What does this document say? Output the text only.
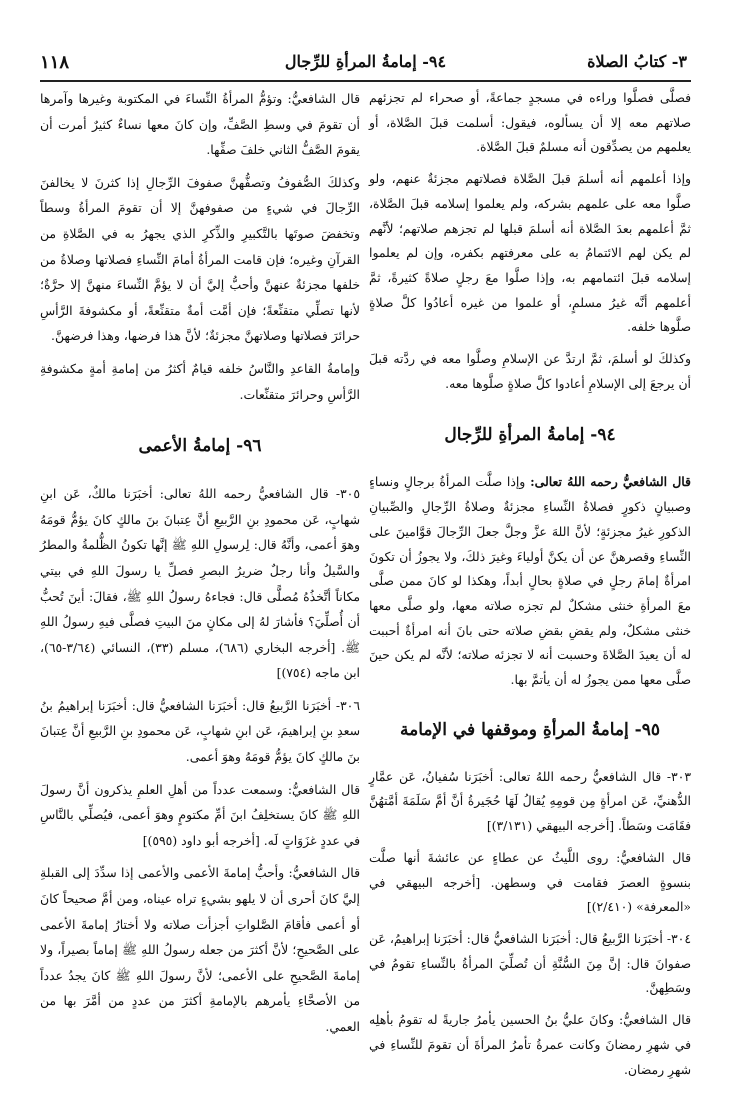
٣- كتابُ الصلاة
٩٤- إمامةُ المرأةِ للرِّجال
١١٨

فصلَّى فصلَّوا وراءه في مسجدٍ جماعةً، أو صحراء لم تجزئهم صلاتهم معه إلا أن يسألوه، فيقول: أسلمت قبلَ الصَّلاة، أو يعلمهم من يصدِّقون أنه مسلمٌ قبلَ الصَّلاة.

وإذا أعلمهم أنه أسلمَ قبلَ الصَّلاة فصلاتهم مجزئةٌ عنهم، ولو صلَّوا معه على علمهم بشركه، ولم يعلموا إسلامه قبلَ الصَّلاة، ثمَّ أعلمهم بعدَ الصَّلاة أنه أسلمَ قبلها لم تجزهم صلاتهم؛ لأنَّهم لم يكن لهم الائتمامُ به على معرفتهم بكفره، وإن لم يعلموا إسلامه قبلَ ائتمامهم به، وإذا صلَّوا معَ رجلٍ صلاةً كثيرةً، ثمَّ أعلمهم أنَّه غيرُ مسلمٍ، أو علموا من غيره أعادُوا كلَّ صلاةٍ صلَّوها خلفه.

وكذلكَ لو أسلمَ، ثمَّ ارتدَّ عن الإسلامِ وصلَّوا معه في ردَّته قبلَ أن يرجعَ إلى الإسلامِ أعادوا كلَّ صلاةٍ صلَّوها معه.

٩٤- إمامةُ المرأةِ للرِّجال

قال الشافعيُّ رحمه اللهُ تعالى: وإذا صلَّت المرأةُ برجالٍ ونساءٍ وصبيانٍ ذكورٍ فصلاةُ النِّساءِ مجزئةٌ وصلاةُ الرِّجالِ والصِّبيانِ الذكورِ غيرُ مجزئةٍ؛ لأنَّ اللهَ عزَّ وجلَّ جعلَ الرِّجالَ قوَّامينَ على النِّساءِ وقصرهنَّ عن أن يكنَّ أولياءَ وغيرَ ذلكَ، ولا يجوزُ أن تكونَ امرأةٌ إمامَ رجلٍ في صلاةٍ بحالٍ أبداً، وهكذا لو كانَ ممن صلَّى معَ المرأةِ خنثى مشكلٌ لم تجزه صلاته معها، ولو صلَّى معها خنثى مشكلٌ، ولم يقضِ بقضِ صلاته حتى بانَ أنه امرأةٌ أحببت له أن يعيدَ الصَّلاةَ وحسبت أنه لا تجزئه صلاته؛ لأنَّه لم يكن حينَ صلَّى معها ممن يجوزُ له أن يأتمَّ بها.

٩٥- إمامةُ المرأةِ وموقفها في الإمامة

٣٠٣- قال الشافعيُّ رحمه اللهُ تعالى: أخبَرَنا سُفيانُ، عَن عمَّارٍ الدُّهنيِّ، عَن امرأةٍ مِن قومِهِ يُقالُ لَهَا حُجَيرةُ أنَّ أمَّ سَلَمَةَ أمَّتهُنَّ فقَامَت وسَطاً. [أخرجه البيهقي (٣/١٣١)]

قال الشافعيُّ: روى اللَّيثُ عن عطاءٍ عن عائشةَ أنها صلَّت بنسوةٍ العصرَ فقامت في وسطهن. [أخرجه البيهقي في «المعرفة» (٢/٤١٠)]

٣٠٤- أخبَرَنا الرَّبيعُ قال: أخبَرَنا الشافعيُّ قال: أخبَرَنا إبراهيمُ، عَن صفوانَ قال: إنَّ مِنَ السُّنَّةِ أن تُصلِّيَ المرأةُ بالنِّساءِ تقومُ في وسَطِهنَّ.

قال الشافعيُّ: وكانَ عليُّ بنُ الحسين يأمرُ جاريةً له تقومُ بأهلِه في شهرِ رمضانَ وكانت عمرةُ تأمرُ المرأةَ أن تقومَ للنِّساءِ في شهرِ رمضان.

قال الشافعيُّ: وتؤمُّ المرأةُ النِّساءَ في المكتوبة وغيرها وآمرها أن تقومَ في وسطِ الصَّفِّ، وإن كانَ معها نساءٌ كثيرٌ أمرت أن يقومَ الصَّفُّ الثاني خلفَ صفِّها.

وكذلكَ الصُّفوفُ وتصفُّهنَّ صفوفَ الرِّجالِ إذا كثرنَ لا يخالفنَ الرِّجالَ في شيءٍ من صفوفهنَّ إلا أن تقومَ المرأةُ وسطاً وتخفضَ صوتَها بالتَّكبيرِ والذِّكرِ الذي يجهرُ به في الصَّلاةِ من القرآنِ وغيره؛ فإن قامت المرأةُ أمامَ النِّساءِ فصلاتها وصلاةُ من خلفها مجزئةٌ عنهنَّ وأحبُّ إليَّ أن لا يؤمَّ النِّساءَ منهنَّ إلا حرَّةٌ؛ لأنها تصلِّي متقنِّعةً؛ فإن أمَّت أمةٌ متقنِّعةً، أو مكشوفةَ الرَّأسِ حرائرَ فصلاتها وصلاتهنَّ مجزئةٌ؛ لأنَّ هذا فرضها، وهذا فرضهنَّ.

وإمامةُ القاعدِ والنَّاسُ خلفه قيامٌ أكثرُ من إمامةِ أمةٍ مكشوفةِ الرَّأسِ وحرائرَ متقنِّعات.

٩٦- إمامةُ الأعمى

٣٠٥- قال الشافعيُّ رحمه اللهُ تعالى: أخبَرَنا مالكٌ، عَن ابنِ شهابٍ، عَن محمودِ بنِ الرَّبيعِ أنَّ عِتبانَ بنَ مالكٍ كانَ يؤمُّ قومَهُ وهوَ أعمى، وأنَّهُ قال: لِرسولِ اللهِ ﷺ إنَّها تكونُ الظُّلمةُ والمطرُ والسَّيلُ وأنا رجلٌ ضريرُ البصرِ فصلِّ يا رسولَ اللهِ في بيتي مكاناً أتَّخذُهُ مُصلًّى قال: فجاءهُ رسولُ اللهِ ﷺ، فقالَ: أينَ تُحبُّ أن أُصلِّيَ؟ فأشارَ لهُ إلى مكانٍ منَ البيتِ فصلَّى فيهِ رسولُ اللهِ ﷺ. [أخرجه البخاري (٦٨٦)، مسلم (٣٣)، النسائي (٣/٦٤-٦٥)، ابن ماجه (٧٥٤)]

٣٠٦- أخبَرَنا الرَّبيعُ قال: أخبَرَنا الشافعيُّ قال: أخبَرَنا إبراهيمُ بنُ سعدِ بنِ إبراهيمَ، عَن ابنِ شهابٍ، عَن محمودِ بنِ الرَّبيعِ أنَّ عِتبانَ بنَ مالكٍ كانَ يؤمُّ قومَهُ وهوَ أعمى.

قال الشافعيُّ: وسمعت عدداً من أهلِ العلمِ يذكرون أنَّ رسولَ اللهِ ﷺ كانَ يستخلِفُ ابنَ أمِّ مكتومٍ وهوَ أعمى، فيُصلِّي بالنَّاسِ في عددٍ غزَوَاتٍ لَه. [أخرجه أبو داود (٥٩٥)]

قال الشافعيُّ: وأحبُّ إمامةَ الأعمى والأعمى إذا سدِّدَ إلى القبلةِ إليَّ كانَ أحرى أن لا يلهو بشيءٍ تراه عيناه، ومن أمَّ صحيحاً كانَ أو أعمى فأقامَ الصَّلواتِ أجزأت صلاته ولا أختارُ إمامةَ الأعمى على الصَّحيحِ؛ لأنَّ أكثرَ من جعله رسولُ اللهِ ﷺ إماماً بصيراً، ولا إمامةَ الصَّحيحِ على الأعمى؛ لأنَّ رسولَ اللهِ ﷺ كانَ يجدُ عدداً من الأصحَّاءِ يأمرهم بالإمامةِ أكثرَ من عددٍ من أمَّرَ بها من العمي.
